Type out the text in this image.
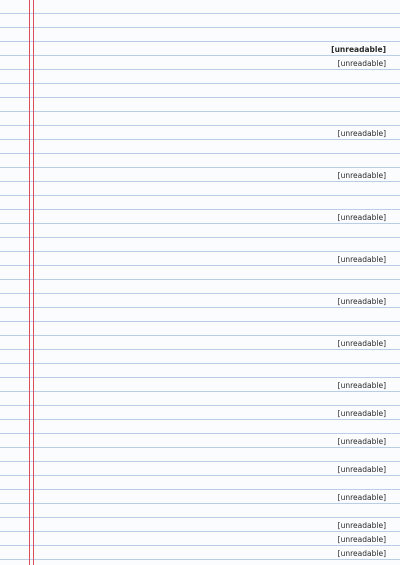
[unreadable]
[unreadable]
[unreadable]
[unreadable]
[unreadable]
[unreadable]
[unreadable]
[unreadable]
[unreadable]
[unreadable]
[unreadable]
[unreadable]
[unreadable]
[unreadable]
[unreadable]
[unreadable]
